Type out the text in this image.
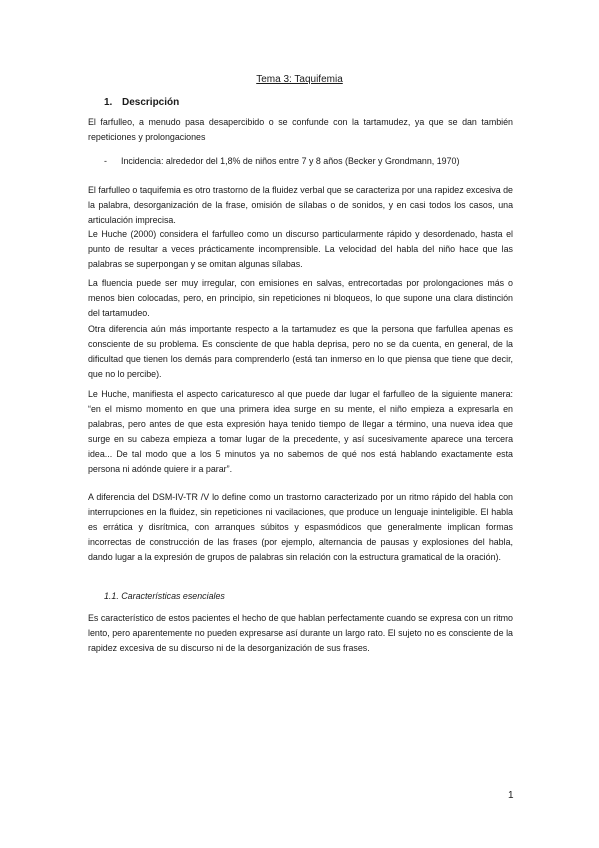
Tema 3: Taquifemia
1. Descripción

El farfulleo, a menudo pasa desapercibido o se confunde con la tartamudez, ya que se dan también repeticiones y prolongaciones

- Incidencia: alrededor del 1,8% de niños entre 7 y 8 años (Becker y Grondmann, 1970)

El farfulleo o taquifemia es otro trastorno de la fluidez verbal que se caracteriza por una rapidez excesiva de la palabra, desorganización de la frase, omisión de sílabas o de sonidos, y en casi todos los casos, una articulación imprecisa.

Le Huche (2000) considera el farfulleo como un discurso particularmente rápido y desordenado, hasta el punto de resultar a veces prácticamente incomprensible. La velocidad del habla del niño hace que las palabras se superpongan y se omitan algunas sílabas.

La fluencia puede ser muy irregular, con emisiones en salvas, entrecortadas por prolongaciones más o menos bien colocadas, pero, en principio, sin repeticiones ni bloqueos, lo que supone una clara distinción del tartamudeo.

Otra diferencia aún más importante respecto a la tartamudez es que la persona que farfullea apenas es consciente de su problema. Es consciente de que habla deprisa, pero no se da cuenta, en general, de la dificultad que tienen los demás para comprenderlo (está tan inmerso en lo que piensa que tiene que decir, que no lo percibe).

Le Huche, manifiesta el aspecto caricaturesco al que puede dar lugar el farfulleo de la siguiente manera: “en el mismo momento en que una primera idea surge en su mente, el niño empieza a expresarla en palabras, pero antes de que esta expresión haya tenido tiempo de llegar a término, una nueva idea que surge en su cabeza empieza a tomar lugar de la precedente, y así sucesivamente aparece una tercera idea... De tal modo que a los 5 minutos ya no sabemos de qué nos está hablando exactamente esta persona ni adónde quiere ir a parar”.

A diferencia del DSM-IV-TR /V lo define como un trastorno caracterizado por un ritmo rápido del habla con interrupciones en la fluidez, sin repeticiones ni vacilaciones, que produce un lenguaje ininteligible. El habla es errática y disrítmica, con arranques súbitos y espasmódicos que generalmente implican formas incorrectas de construcción de las frases (por ejemplo, alternancia de pausas y explosiones del habla, dando lugar a la expresión de grupos de palabras sin relación con la estructura gramatical de la oración).

1.1. Características esenciales

Es característico de estos pacientes el hecho de que hablan perfectamente cuando se expresa con un ritmo lento, pero aparentemente no pueden expresarse así durante un largo rato. El sujeto no es consciente de la rapidez excesiva de su discurso ni de la desorganización de sus frases.

1
